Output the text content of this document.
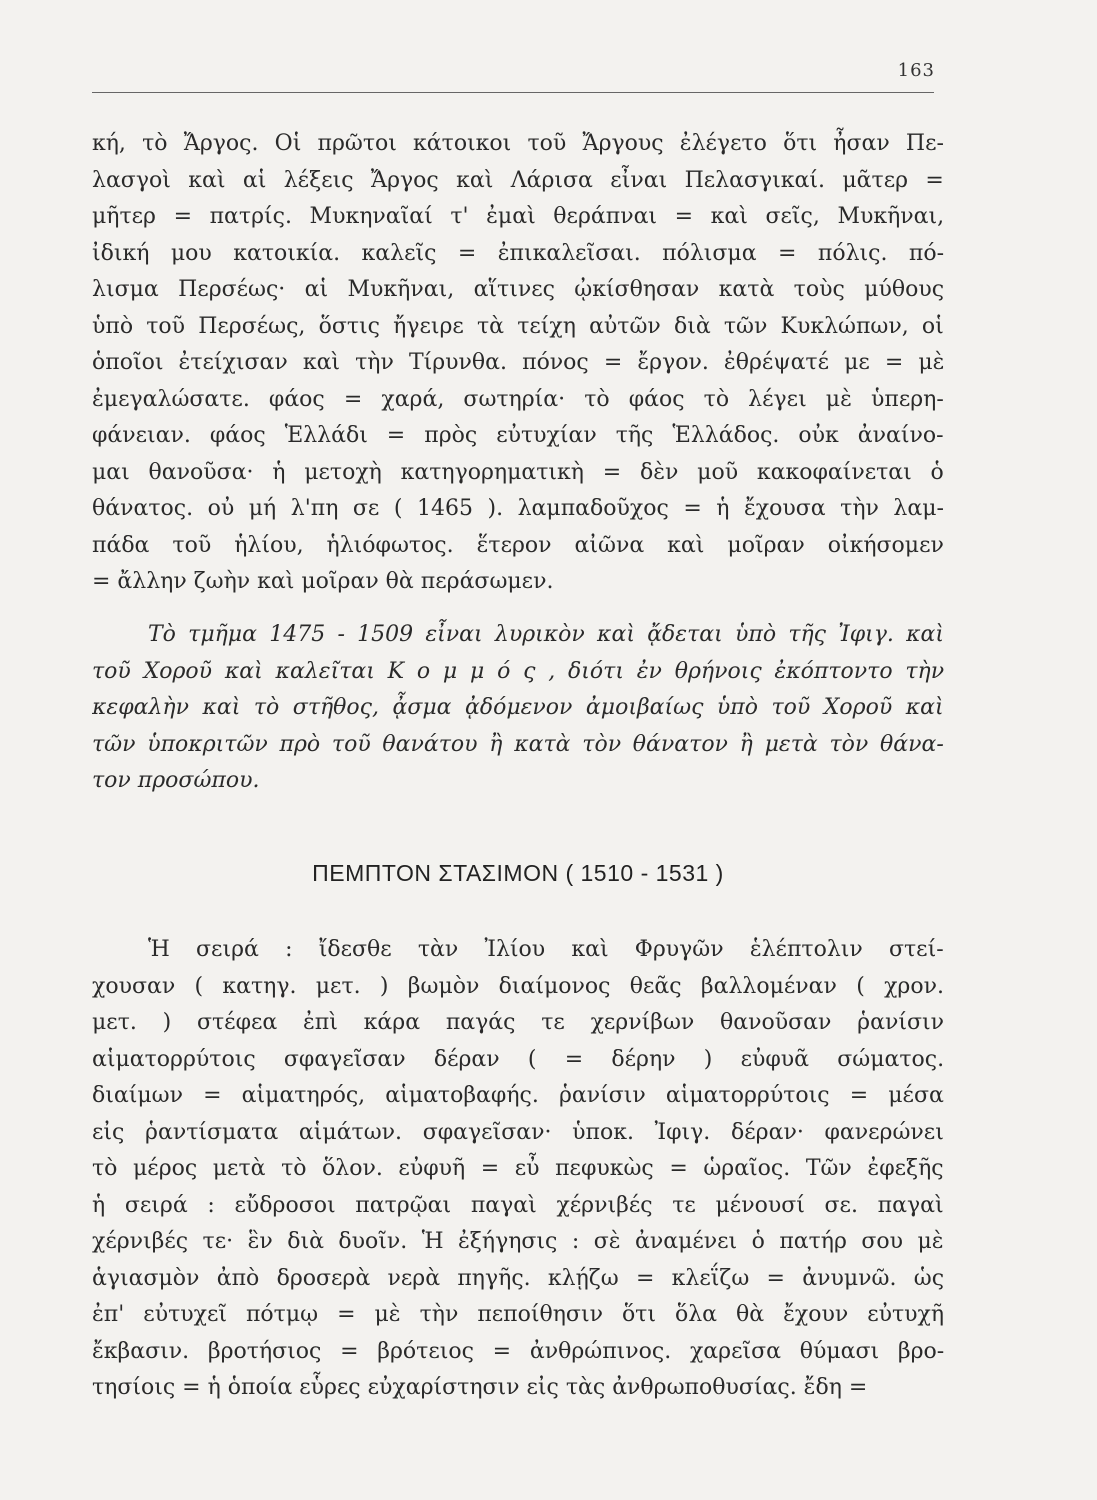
163
κή, τὸ Ἄργος. Οἱ πρῶτοι κάτοικοι τοῦ Ἄργους ἐλέγετο ὅτι ἦσαν Πε-
λασγοὶ καὶ αἱ λέξεις Ἄργος καὶ Λάρισα εἶναι Πελασγικαί. μᾶτερ =
μῆτερ = πατρίς. Μυκηναῖαί τ' ἐμαὶ θεράπναι = καὶ σεῖς, Μυκῆναι,
ἰδική μου κατοικία. καλεῖς = ἐπικαλεῖσαι. πόλισμα = πόλις. πό-
λισμα Περσέως· αἱ Μυκῆναι, αἵτινες ᾠκίσθησαν κατὰ τοὺς μύθους
ὑπὸ τοῦ Περσέως, ὅστις ἤγειρε τὰ τείχη αὐτῶν διὰ τῶν Κυκλώπων, οἱ
ὁποῖοι ἐτείχισαν καὶ τὴν Τίρυνθα. πόνος = ἔργον. ἐθρέψατέ με = μὲ
ἐμεγαλώσατε. φάος = χαρά, σωτηρία· τὸ φάος τὸ λέγει μὲ ὑπερη-
φάνειαν. φάος Ἑλλάδι = πρὸς εὐτυχίαν τῆς Ἑλλάδος. οὐκ ἀναίνο-
μαι θανοῦσα· ἡ μετοχὴ κατηγορηματικὴ = δὲν μοῦ κακοφαίνεται ὁ
θάνατος. οὐ μή λ'πη σε ( 1465 ). λαμπαδοῦχος = ἡ ἔχουσα τὴν λαμ-
πάδα τοῦ ἡλίου, ἡλιόφωτος. ἕτερον αἰῶνα καὶ μοῖραν οἰκήσομεν
= ἄλλην ζωὴν καὶ μοῖραν θὰ περάσωμεν.
Τὸ τμῆμα 1475 - 1509 εἶναι λυρικὸν καὶ ᾄδεται ὑπὸ τῆς Ἰφιγ. καὶ
τοῦ Χοροῦ καὶ καλεῖται Κ ο μ μ ό ς , διότι ἐν θρήνοις ἐκόπτοντο τὴν
κεφαλὴν καὶ τὸ στῆθος, ᾆσμα ᾀδόμενον ἀμοιβαίως ὑπὸ τοῦ Χοροῦ καὶ
τῶν ὑποκριτῶν πρὸ τοῦ θανάτου ἢ κατὰ τὸν θάνατον ἢ μετὰ τὸν θάνα-
τον προσώπου.
ΠΕΜΠΤΟΝ ΣΤΑΣΙΜΟΝ ( 1510 - 1531 )
Ἡ σειρά : ἴδεσθε τὰν Ἰλίου καὶ Φρυγῶν ἑλέπτολιν στεί-
χουσαν ( κατηγ. μετ. ) βωμὸν διαίμονος θεᾶς βαλλομέναν ( χρον.
μετ. ) στέφεα ἐπὶ κάρα παγάς τε χερνίβων θανοῦσαν ῥανίσιν
αἱματορρύτοις σφαγεῖσαν δέραν ( = δέρην ) εὐφυᾶ σώματος.
διαίμων = αἱματηρός, αἱματοβαφής. ῥανίσιν αἱματορρύτοις = μέσα
εἰς ῥαντίσματα αἱμάτων. σφαγεῖσαν· ὑποκ. Ἰφιγ. δέραν· φανερώνει
τὸ μέρος μετὰ τὸ ὅλον. εὐφυῆ = εὖ πεφυκὼς = ὡραῖος. Τῶν ἐφεξῆς
ἡ σειρά : εὔδροσοι πατρῷαι παγαὶ χέρνιβές τε μένουσί σε. παγαὶ
χέρνιβές τε· ἓν διὰ δυοῖν. Ἡ ἐξήγησις : σὲ ἀναμένει ὁ πατήρ σου μὲ
ἁγιασμὸν ἀπὸ δροσερὰ νερὰ πηγῆς. κλῄζω = κλεΐζω = ἀνυμνῶ. ὡς
ἐπ' εὐτυχεῖ πότμῳ = μὲ τὴν πεποίθησιν ὅτι ὅλα θὰ ἔχουν εὐτυχῆ
ἔκβασιν. βροτήσιος = βρότειος = ἀνθρώπινος. χαρεῖσα θύμασι βρο-
τησίοις = ἡ ὁποία εὗρες εὐχαρίστησιν εἰς τὰς ἀνθρωποθυσίας. ἔδη =
